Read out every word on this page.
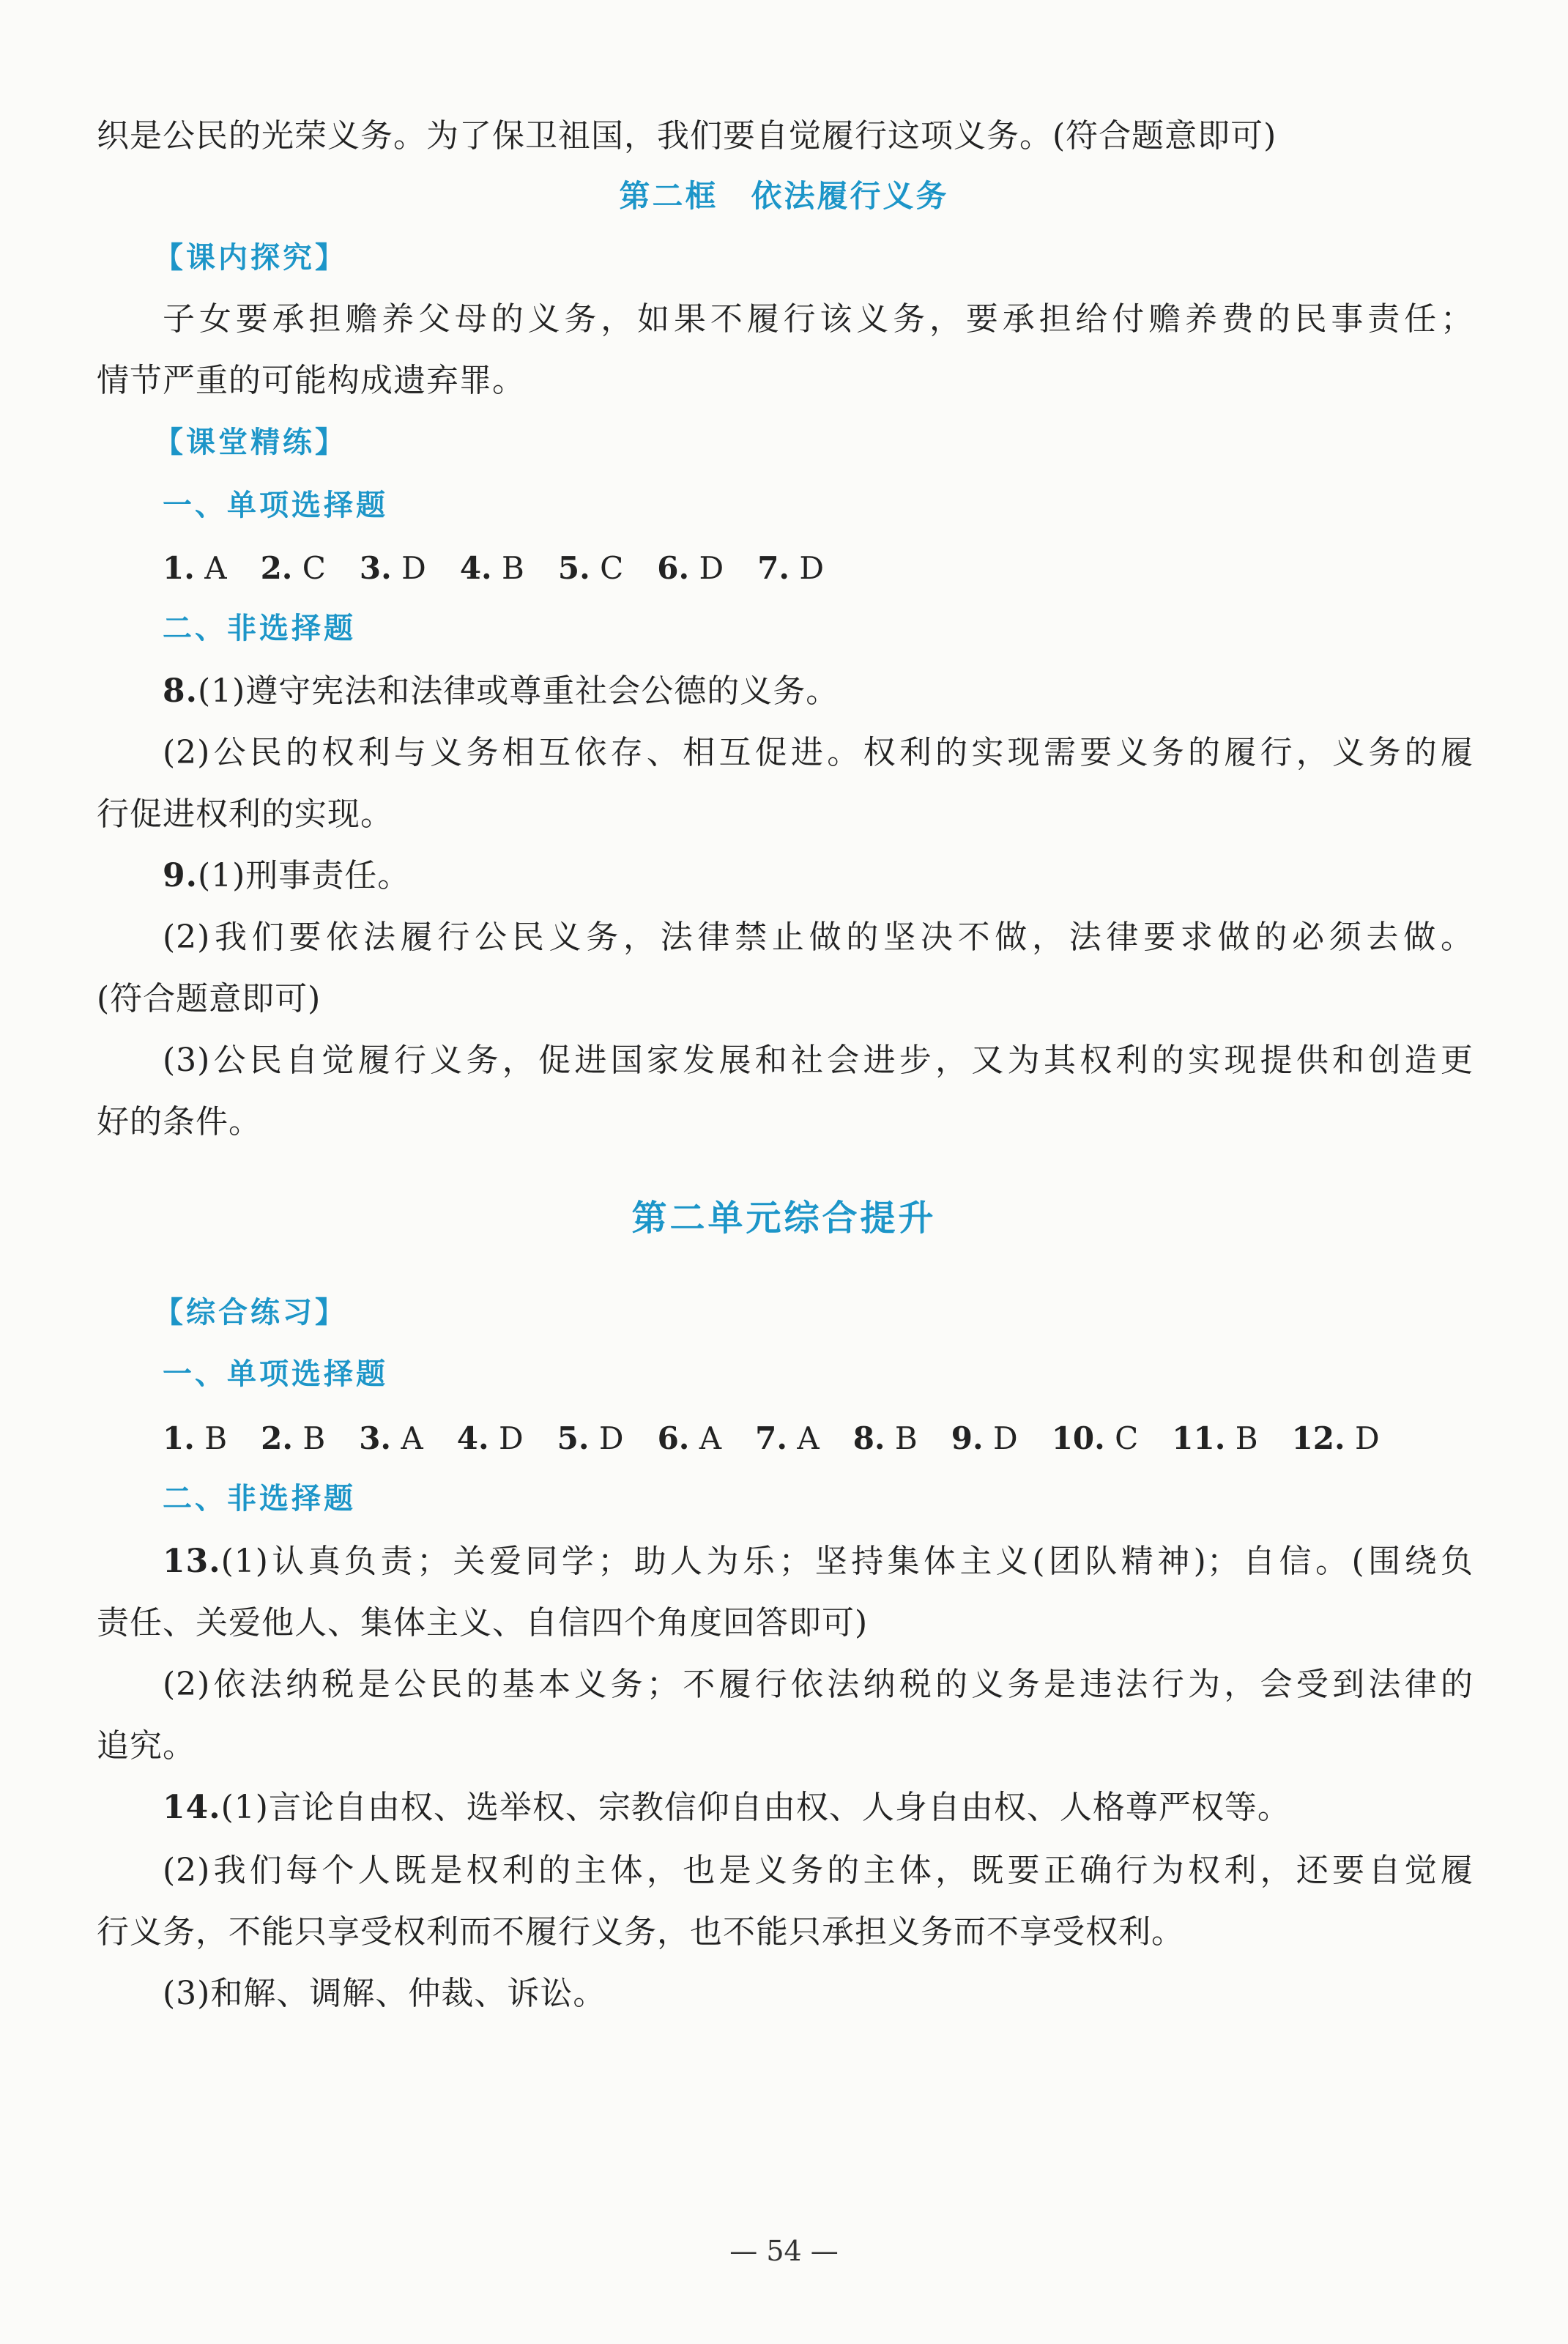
织是公民的光荣义务。为了保卫祖国，我们要自觉履行这项义务。(符合题意即可)
第二框　依法履行义务
【课内探究】
子女要承担赡养父母的义务，如果不履行该义务，要承担给付赡养费的民事责任；
情节严重的可能构成遗弃罪。
【课堂精练】
一、单项选择题
1. A 2. C 3. D 4. B 5. C 6. D 7. D
二、非选择题
8.(1)遵守宪法和法律或尊重社会公德的义务。
(2)公民的权利与义务相互依存、相互促进。权利的实现需要义务的履行，义务的履
行促进权利的实现。
9.(1)刑事责任。
(2)我们要依法履行公民义务，法律禁止做的坚决不做，法律要求做的必须去做。
(符合题意即可)
(3)公民自觉履行义务，促进国家发展和社会进步，又为其权利的实现提供和创造更
好的条件。
第二单元综合提升
【综合练习】
一、单项选择题
1. B 2. B 3. A 4. D 5. D 6. A 7. A 8. B 9. D 10. C 11. B 12. D
二、非选择题
13.(1)认真负责；关爱同学；助人为乐；坚持集体主义(团队精神)；自信。(围绕负
责任、关爱他人、集体主义、自信四个角度回答即可)
(2)依法纳税是公民的基本义务；不履行依法纳税的义务是违法行为，会受到法律的
追究。
14.(1)言论自由权、选举权、宗教信仰自由权、人身自由权、人格尊严权等。
(2)我们每个人既是权利的主体，也是义务的主体，既要正确行为权利，还要自觉履
行义务，不能只享受权利而不履行义务，也不能只承担义务而不享受权利。
(3)和解、调解、仲裁、诉讼。
— 54 —
